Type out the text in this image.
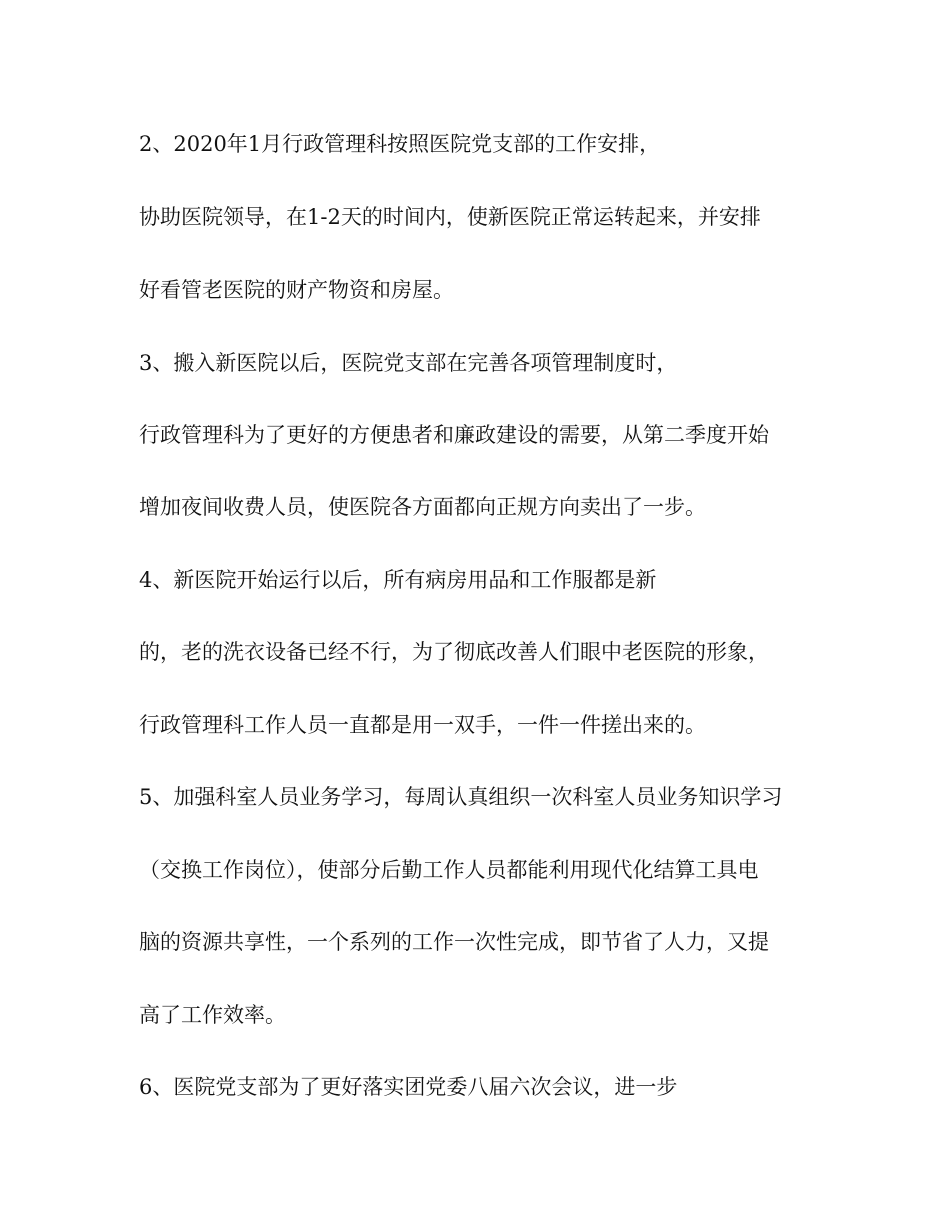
2、2020年1月行政管理科按照医院党支部的工作安排，
协助医院领导，在1-2天的时间内，使新医院正常运转起来，并安排
好看管老医院的财产物资和房屋。
3、搬入新医院以后，医院党支部在完善各项管理制度时，
行政管理科为了更好的方便患者和廉政建设的需要，从第二季度开始
增加夜间收费人员，使医院各方面都向正规方向卖出了一步。
4、新医院开始运行以后，所有病房用品和工作服都是新
的，老的洗衣设备已经不行，为了彻底改善人们眼中老医院的形象，
行政管理科工作人员一直都是用一双手，一件一件搓出来的。
5、加强科室人员业务学习，每周认真组织一次科室人员业务知识学习
（交换工作岗位），使部分后勤工作人员都能利用现代化结算工具电
脑的资源共享性，一个系列的工作一次性完成，即节省了人力，又提
高了工作效率。
6、医院党支部为了更好落实团党委八届六次会议，进一步
